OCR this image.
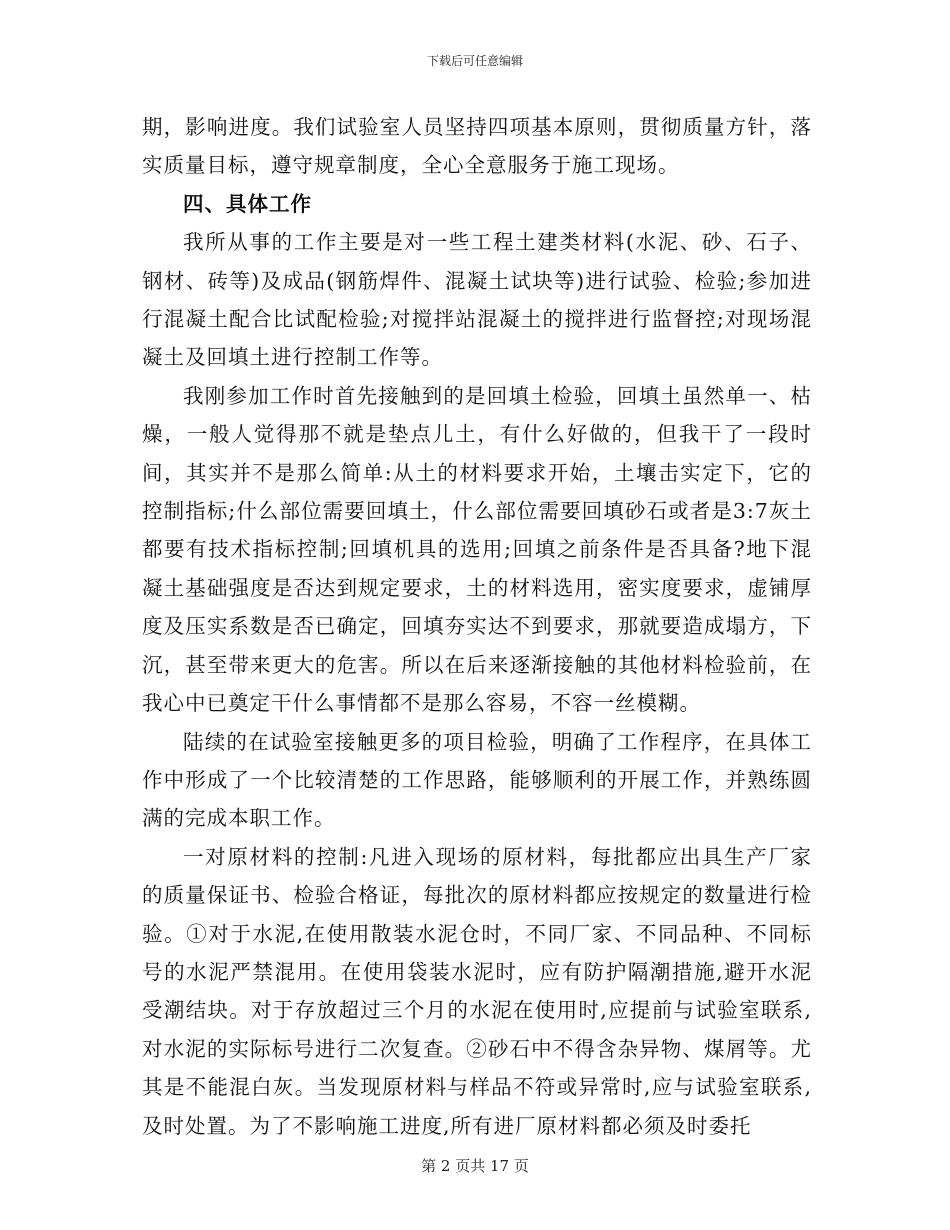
下载后可任意编辑

期，影响进度。我们试验室人员坚持四项基本原则，贯彻质量方针，落实质量目标，遵守规章制度，全心全意服务于施工现场。

四、具体工作

我所从事的工作主要是对一些工程土建类材料(水泥、砂、石子、钢材、砖等)及成品(钢筋焊件、混凝土试块等)进行试验、检验;参加进行混凝土配合比试配检验;对搅拌站混凝土的搅拌进行监督控;对现场混凝土及回填土进行控制工作等。

我刚参加工作时首先接触到的是回填土检验，回填土虽然单一、枯燥，一般人觉得那不就是垫点儿土，有什么好做的，但我干了一段时间，其实并不是那么简单:从土的材料要求开始，土壤击实定下，它的控制指标;什么部位需要回填土，什么部位需要回填砂石或者是3:7灰土都要有技术指标控制;回填机具的选用;回填之前条件是否具备?地下混凝土基础强度是否达到规定要求，土的材料选用，密实度要求，虚铺厚度及压实系数是否已确定，回填夯实达不到要求，那就要造成塌方，下沉，甚至带来更大的危害。所以在后来逐渐接触的其他材料检验前，在我心中已奠定干什么事情都不是那么容易，不容一丝模糊。

陆续的在试验室接触更多的项目检验，明确了工作程序，在具体工作中形成了一个比较清楚的工作思路，能够顺利的开展工作，并熟练圆满的完成本职工作。

一对原材料的控制:凡进入现场的原材料，每批都应出具生产厂家的质量保证书、检验合格证，每批次的原材料都应按规定的数量进行检验。①对于水泥,在使用散装水泥仓时，不同厂家、不同品种、不同标号的水泥严禁混用。在使用袋装水泥时，应有防护隔潮措施,避开水泥受潮结块。对于存放超过三个月的水泥在使用时,应提前与试验室联系,对水泥的实际标号进行二次复查。②砂石中不得含杂异物、煤屑等。尤其是不能混白灰。当发现原材料与样品不符或异常时,应与试验室联系,及时处置。为了不影响施工进度,所有进厂原材料都必须及时委托

第 2 页共 17 页
